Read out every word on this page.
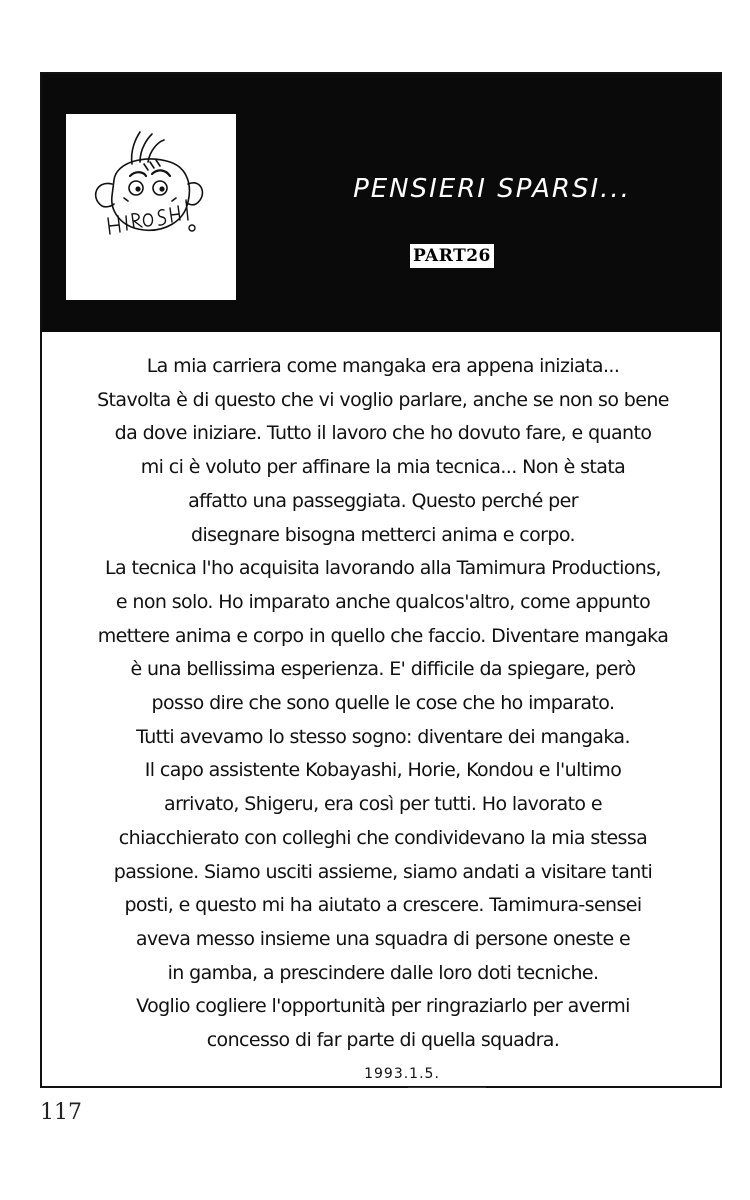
PENSIERI SPARSI...
PART26
La mia carriera come mangaka era appena iniziata...
Stavolta è di questo che vi voglio parlare, anche se non so bene
da dove iniziare. Tutto il lavoro che ho dovuto fare, e quanto
mi ci è voluto per affinare la mia tecnica... Non è stata
affatto una passeggiata. Questo perché per
disegnare bisogna metterci anima e corpo.
La tecnica l'ho acquisita lavorando alla Tamimura Productions,
e non solo. Ho imparato anche qualcos'altro, come appunto
mettere anima e corpo in quello che faccio. Diventare mangaka
è una bellissima esperienza. E' difficile da spiegare, però
posso dire che sono quelle le cose che ho imparato.
Tutti avevamo lo stesso sogno: diventare dei mangaka.
Il capo assistente Kobayashi, Horie, Kondou e l'ultimo
arrivato, Shigeru, era così per tutti. Ho lavorato e
chiacchierato con colleghi che condividevano la mia stessa
passione. Siamo usciti assieme, siamo andati a visitare tanti
posti, e questo mi ha aiutato a crescere. Tamimura-sensei
aveva messo insieme una squadra di persone oneste e
in gamba, a prescindere dalle loro doti tecniche.
Voglio cogliere l'opportunità per ringraziarlo per avermi
concesso di far parte di quella squadra.
1993.1.5.
117
